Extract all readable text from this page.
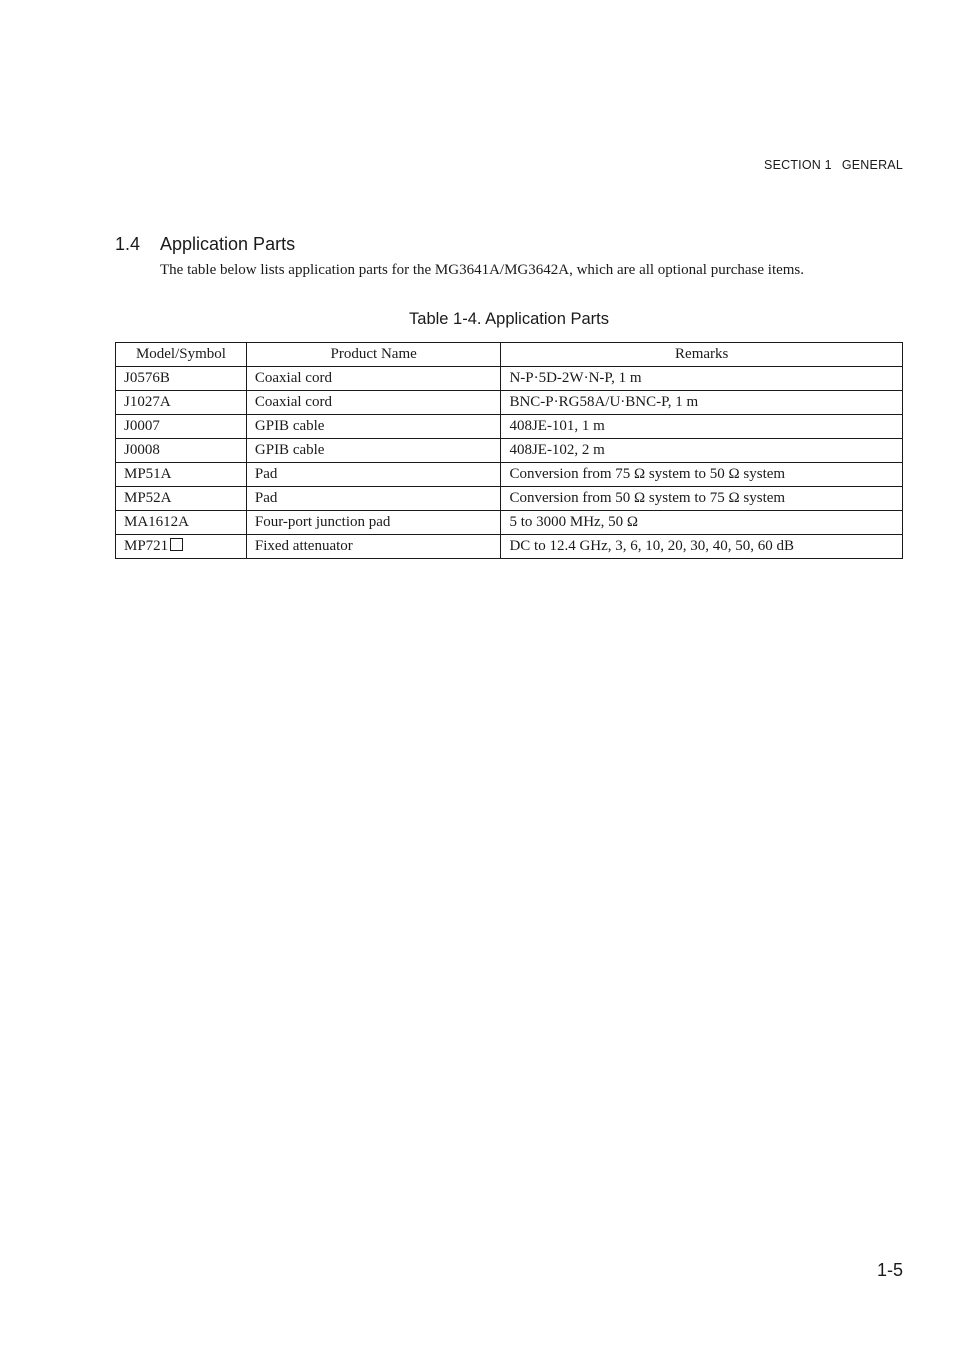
SECTION 1 GENERAL
1.4 Application Parts
The table below lists application parts for the MG3641A/MG3642A, which are all optional purchase items.
Table 1-4. Application Parts
Model/Symbol	Product Name	Remarks
J0576B	Coaxial cord	N-P·5D-2W·N-P, 1 m
J1027A	Coaxial cord	BNC-P·RG58A/U·BNC-P, 1 m
J0007	GPIB cable	408JE-101, 1 m
J0008	GPIB cable	408JE-102, 2 m
MP51A	Pad	Conversion from 75 Ω system to 50 Ω system
MP52A	Pad	Conversion from 50 Ω system to 75 Ω system
MA1612A	Four-port junction pad	5 to 3000 MHz, 50 Ω
MP721	Fixed attenuator	DC to 12.4 GHz, 3, 6, 10, 20, 30, 40, 50, 60 dB
1-5
